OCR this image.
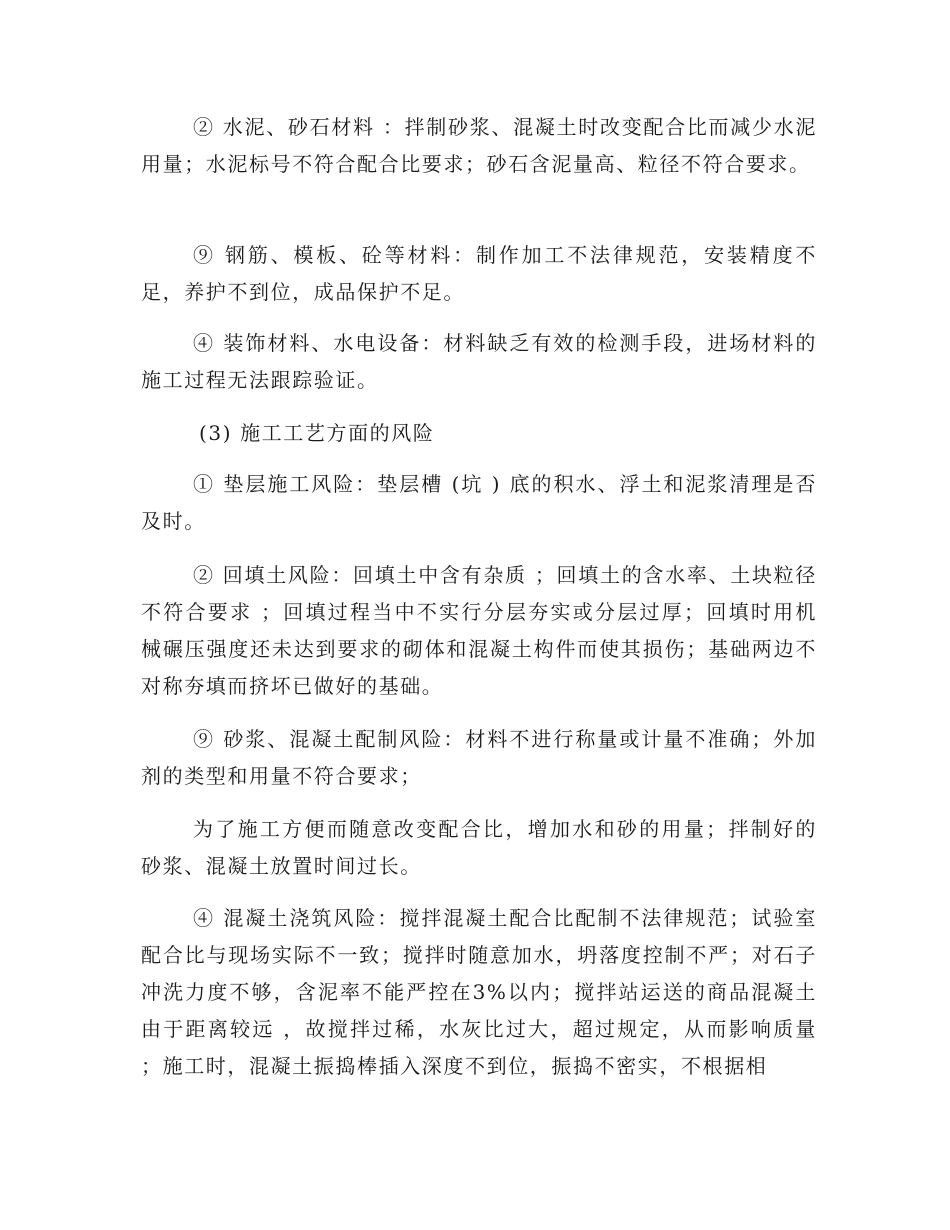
② 水泥、砂石材料 ：拌制砂浆、混凝土时改变配合比而减少水泥用量；水泥标号不符合配合比要求；砂石含泥量高、粒径不符合要求。

⑨ 钢筋、模板、砼等材料：制作加工不法律规范，安装精度不足，养护不到位，成品保护不足。

④ 装饰材料、水电设备：材料缺乏有效的检测手段，进场材料的施工过程无法跟踪验证。

(3) 施工工艺方面的风险

① 垫层施工风险：垫层槽 (坑 ) 底的积水、浮土和泥浆清理是否及时。

② 回填土风险：回填土中含有杂质 ；回填土的含水率、土块粒径不符合要求 ；回填过程当中不实行分层夯实或分层过厚；回填时用机械碾压强度还未达到要求的砌体和混凝土构件而使其损伤；基础两边不对称夯填而挤坏已做好的基础。

⑨ 砂浆、混凝土配制风险：材料不进行称量或计量不准确；外加剂的类型和用量不符合要求；

为了施工方便而随意改变配合比，增加水和砂的用量；拌制好的砂浆、混凝土放置时间过长。

④ 混凝土浇筑风险：搅拌混凝土配合比配制不法律规范；试验室配合比与现场实际不一致；搅拌时随意加水，坍落度控制不严；对石子冲洗力度不够，含泥率不能严控在3%以内；搅拌站运送的商品混凝土由于距离较远 ，故搅拌过稀，水灰比过大，超过规定，从而影响质量 ；施工时，混凝土振捣棒插入深度不到位，振捣不密实，不根据相
